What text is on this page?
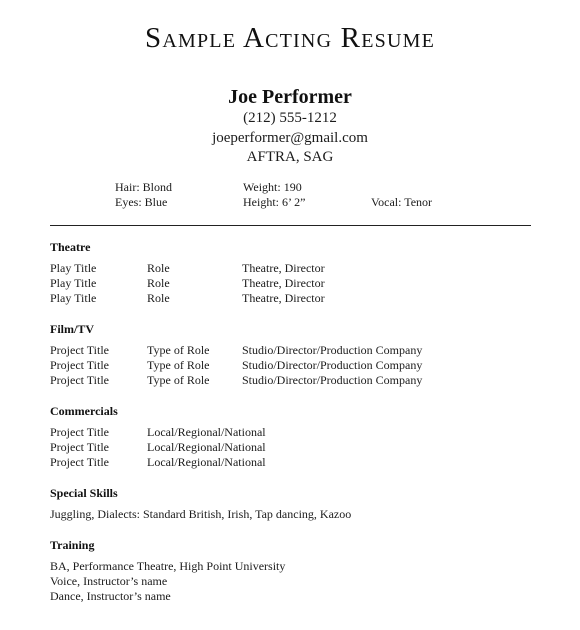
Sample Acting Resume
Joe Performer
(212) 555-1212
joeperformer@gmail.com
AFTRA, SAG
Hair: Blond	Weight: 190
Eyes: Blue	Height: 6’ 2”	Vocal: Tenor
Theatre
Play Title	Role	Theatre, Director
Play Title	Role	Theatre, Director
Play Title	Role	Theatre, Director
Film/TV
Project Title	Type of Role	Studio/Director/Production Company
Project Title	Type of Role	Studio/Director/Production Company
Project Title	Type of Role	Studio/Director/Production Company
Commercials
Project Title	Local/Regional/National
Project Title	Local/Regional/National
Project Title	Local/Regional/National
Special Skills
Juggling, Dialects: Standard British, Irish, Tap dancing, Kazoo
Training
BA, Performance Theatre, High Point University
Voice, Instructor’s name
Dance, Instructor’s name
